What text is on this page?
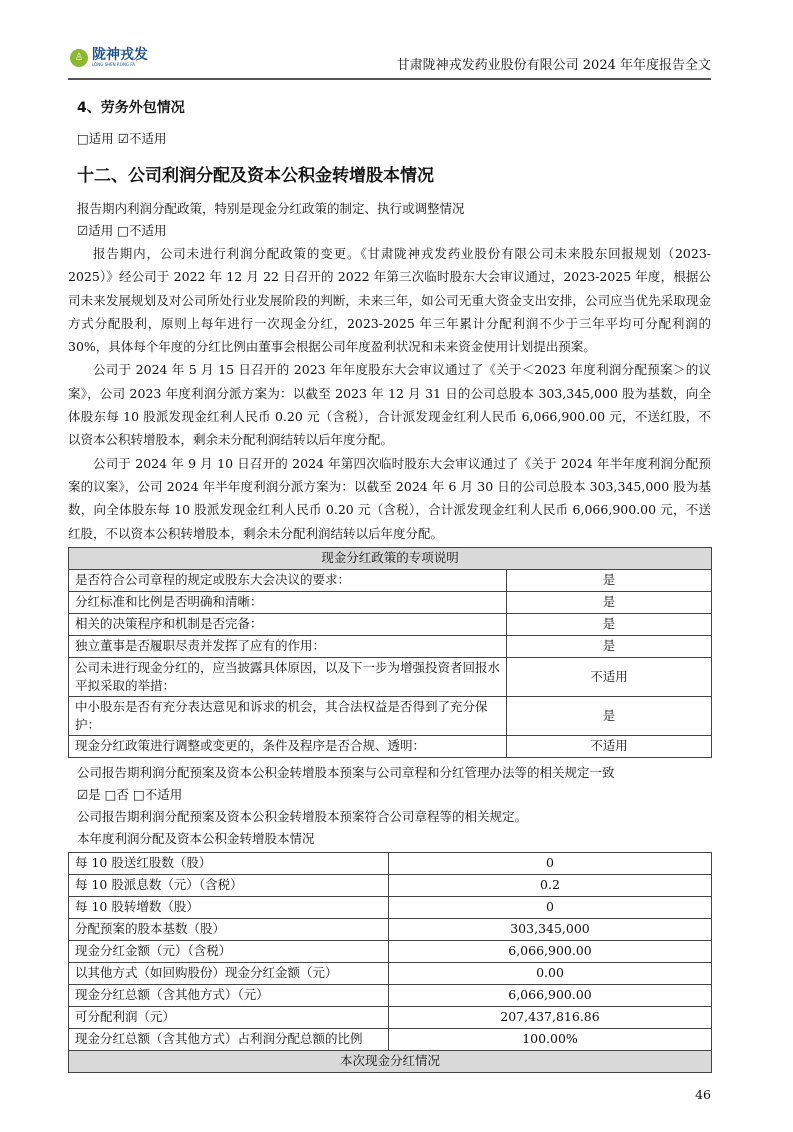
♙ 陇神戎发
LONG SHEN RONG FA	甘肃陇神戎发药业股份有限公司 2024 年年度报告全文
4、劳务外包情况
□适用 ☑不适用
十二、公司利润分配及资本公积金转增股本情况
报告期内利润分配政策，特别是现金分红政策的制定、执行或调整情况
☑适用 □不适用

报告期内，公司未进行利润分配政策的变更。《甘肃陇神戎发药业股份有限公司未来股东回报规划（2023-2025）》经公司于 2022 年 12 月 22 日召开的 2022 年第三次临时股东大会审议通过，2023-2025 年度，根据公司未来发展规划及对公司所处行业发展阶段的判断，未来三年，如公司无重大资金支出安排，公司应当优先采取现金方式分配股利，原则上每年进行一次现金分红，2023-2025 年三年累计分配利润不少于三年平均可分配利润的 30%，具体每个年度的分红比例由董事会根据公司年度盈利状况和未来资金使用计划提出预案。

公司于 2024 年 5 月 15 日召开的 2023 年年度股东大会审议通过了《关于＜2023 年度利润分配预案＞的议案》，公司 2023 年度利润分派方案为：以截至 2023 年 12 月 31 日的公司总股本 303,345,000 股为基数，向全体股东每 10 股派发现金红利人民币 0.20 元（含税），合计派发现金红利人民币 6,066,900.00 元，不送红股，不以资本公积转增股本，剩余未分配利润结转以后年度分配。

公司于 2024 年 9 月 10 日召开的 2024 年第四次临时股东大会审议通过了《关于 2024 年半年度利润分配预案的议案》，公司 2024 年半年度利润分派方案为：以截至 2024 年 6 月 30 日的公司总股本 303,345,000 股为基数，向全体股东每 10 股派发现金红利人民币 0.20 元（含税），合计派发现金红利人民币 6,066,900.00 元，不送红股，不以资本公积转增股本，剩余未分配利润结转以后年度分配。

现金分红政策的专项说明	
是否符合公司章程的规定或股东大会决议的要求：	是
分红标准和比例是否明确和清晰：	是
相关的决策程序和机制是否完备：	是
独立董事是否履职尽责并发挥了应有的作用：	是
公司未进行现金分红的，应当披露具体原因，以及下一步为增强投资者回报水平拟采取的举措：	不适用
中小股东是否有充分表达意见和诉求的机会，其合法权益是否得到了充分保护：	是
现金分红政策进行调整或变更的，条件及程序是否合规、透明：	不适用
公司报告期利润分配预案及资本公积金转增股本预案与公司章程和分红管理办法等的相关规定一致
☑是 □否 □不适用
公司报告期利润分配预案及资本公积金转增股本预案符合公司章程等的相关规定。
本年度利润分配及资本公积金转增股本情况
每 10 股送红股数（股）	0
每 10 股派息数（元）（含税）	0.2
每 10 股转增数（股）	0
分配预案的股本基数（股）	303,345,000
现金分红金额（元）（含税）	6,066,900.00
以其他方式（如回购股份）现金分红金额（元）	0.00
现金分红总额（含其他方式）（元）	6,066,900.00
可分配利润（元）	207,437,816.86
现金分红总额（含其他方式）占利润分配总额的比例	100.00%
本次现金分红情况	
46
